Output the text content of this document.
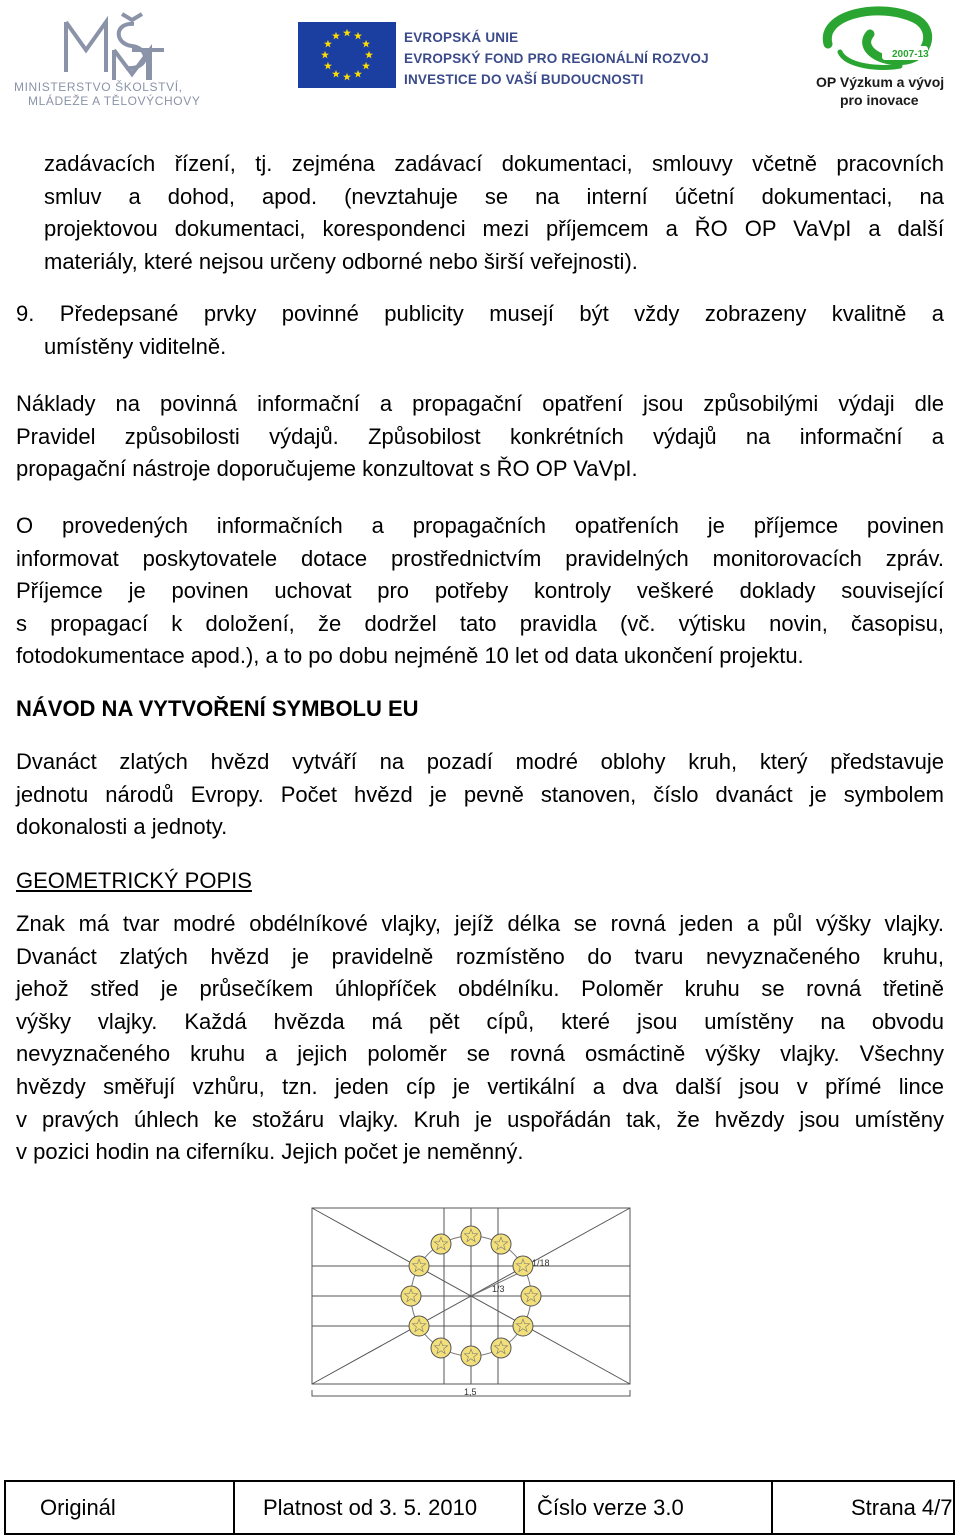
MINISTERSTVO ŠKOLSTVÍ,
MLÁDEŽE A TĚLOVÝCHOVY
EVROPSKÁ UNIE
EVROPSKÝ FOND PRO REGIONÁLNÍ ROZVOJ
INVESTICE DO VAŠÍ BUDOUCNOSTI
2007-13
OP Výzkum a vývoj
pro inovace
zadávacích řízení, tj. zejména zadávací dokumentaci, smlouvy včetně pracovních
smluv a dohod, apod. (nevztahuje se na interní účetní dokumentaci, na
projektovou dokumentaci, korespondenci mezi příjemcem a ŘO OP VaVpI a další
materiály, které nejsou určeny odborné nebo širší veřejnosti).
9. Předepsané prvky povinné publicity musejí být vždy zobrazeny kvalitně a
umístěny viditelně.
Náklady na povinná informační a propagační opatření jsou způsobilými výdaji dle
Pravidel způsobilosti výdajů. Způsobilost konkrétních výdajů na informační a
propagační nástroje doporučujeme konzultovat s ŘO OP VaVpI.
O provedených informačních a propagačních opatřeních je příjemce povinen
informovat poskytovatele dotace prostřednictvím pravidelných monitorovacích zpráv.
Příjemce je povinen uchovat pro potřeby kontroly veškeré doklady související
s propagací k doložení, že dodržel tato pravidla (vč. výtisku novin, časopisu,
fotodokumentace apod.), a to po dobu nejméně 10 let od data ukončení projektu.
NÁVOD NA VYTVOŘENÍ SYMBOLU EU
Dvanáct zlatých hvězd vytváří na pozadí modré oblohy kruh, který představuje
jednotu národů Evropy. Počet hvězd je pevně stanoven, číslo dvanáct je symbolem
dokonalosti a jednoty.
GEOMETRICKÝ POPIS
Znak má tvar modré obdélníkové vlajky, jejíž délka se rovná jeden a půl výšky vlajky.
Dvanáct zlatých hvězd je pravidelně rozmístěno do tvaru nevyznačeného kruhu,
jehož střed je průsečíkem úhlopříček obdélníku. Poloměr kruhu se rovná třetině
výšky vlajky. Každá hvězda má pět cípů, které jsou umístěny na obvodu
nevyznačeného kruhu a jejich poloměr se rovná osmáctině výšky vlajky. Všechny
hvězdy směřují vzhůru, tzn. jeden cíp je vertikální a dva další jsou v přímé lince
v pravých úhlech ke stožáru vlajky. Kruh je uspořádán tak, že hvězdy jsou umístěny
v pozici hodin na ciferníku. Jejich počet je neměnný.
1/3
1/18
1,5
Originál	Platnost od 3. 5. 2010	Číslo verze 3.0	Strana 4/7
